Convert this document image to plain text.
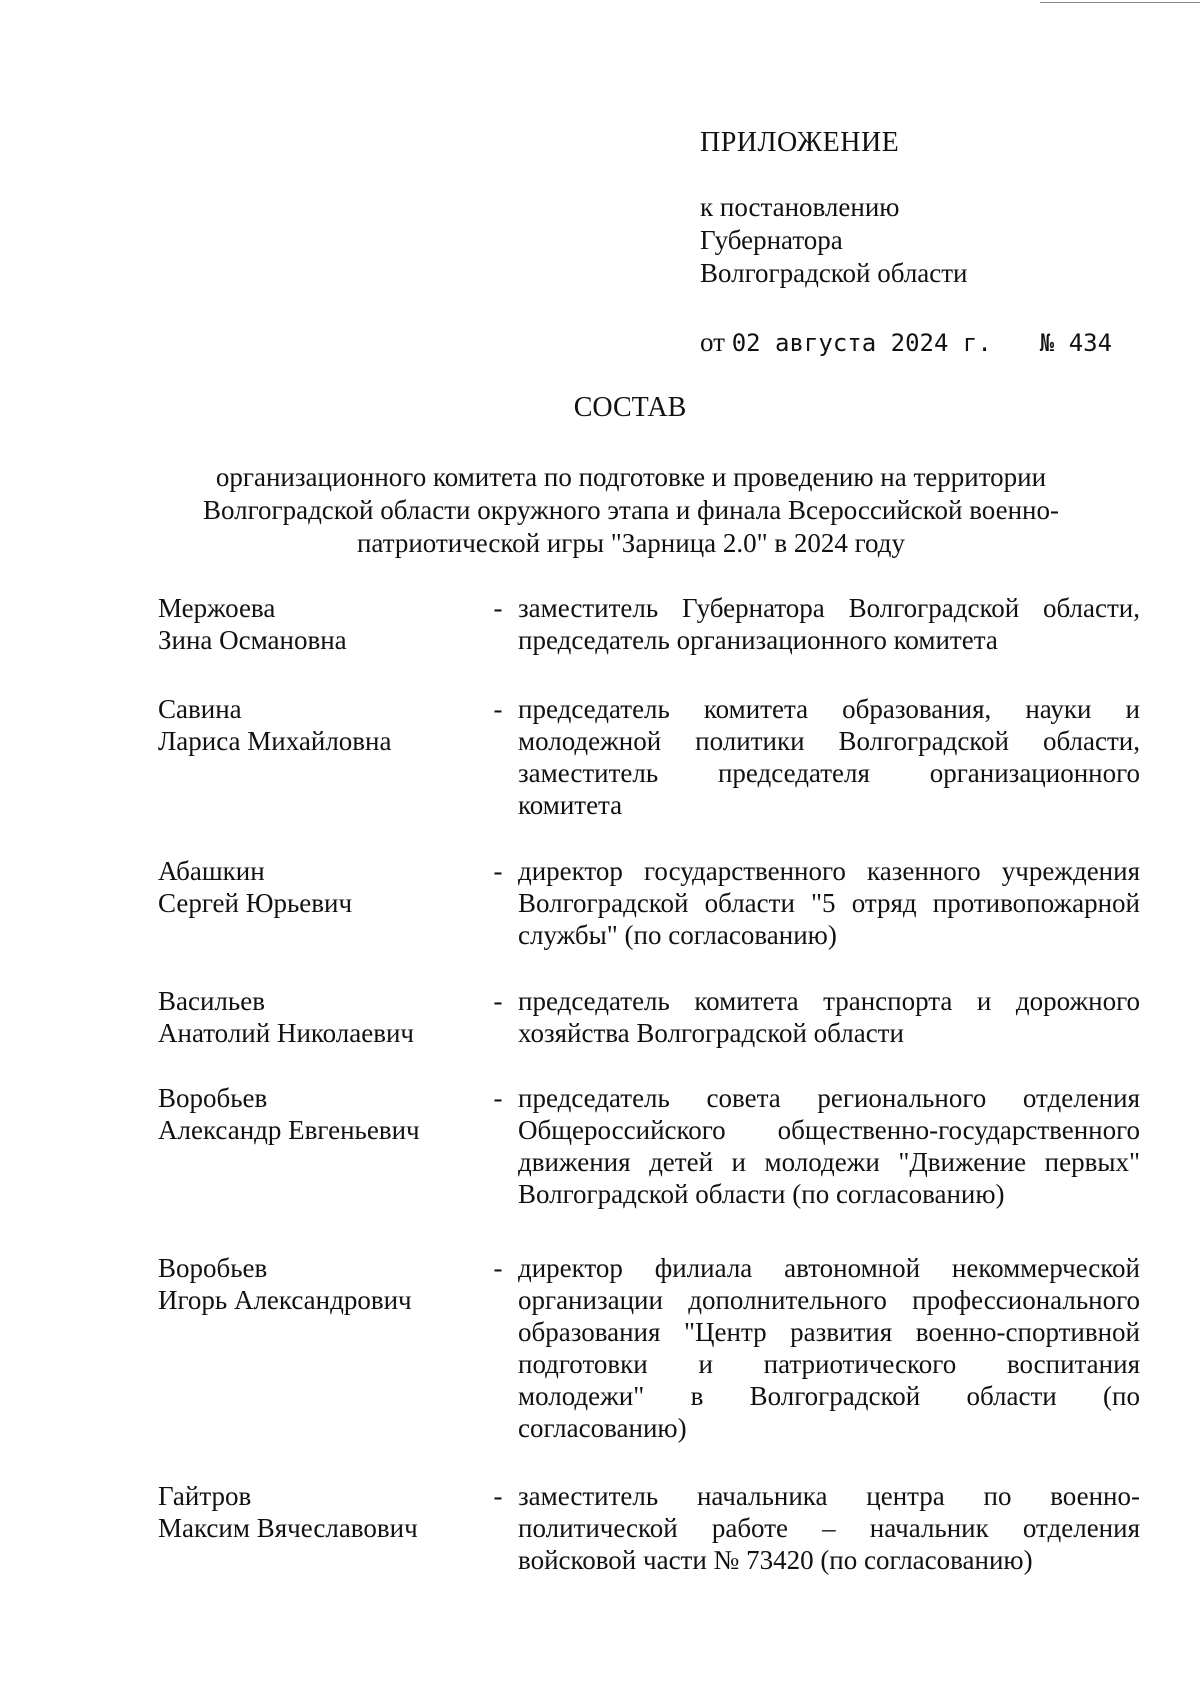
ПРИЛОЖЕНИЕ
к постановлению
Губернатора
Волгоградской области
от 02 августа 2024 г. № 434
СОСТАВ
организационного комитета по подготовке и проведению на территории
Волгоградской области окружного этапа и финала Всероссийской военно-
патриотической игры "Зарница 2.0" в 2024 году
Мержоева
Зина Османовна
- заместитель Губернатора Волгоградской области, председатель организационного комитета
Савина
Лариса Михайловна
- председатель комитета образования, науки и молодежной политики Волгоградской области, заместитель председателя организационного комитета
Абашкин
Сергей Юрьевич
- директор государственного казенного учреждения Волгоградской области "5 отряд противопожарной службы" (по согласованию)
Васильев
Анатолий Николаевич
- председатель комитета транспорта и дорожного хозяйства Волгоградской области
Воробьев
Александр Евгеньевич
- председатель совета регионального отделения Общероссийского общественно-государственного движения детей и молодежи "Движение первых" Волгоградской области (по согласованию)
Воробьев
Игорь Александрович
- директор филиала автономной некоммерческой организации дополнительного профессионального образования "Центр развития военно-спортивной подготовки и патриотического воспитания молодежи" в Волгоградской области (по согласованию)
Гайтров
Максим Вячеславович
- заместитель начальника центра по военно-политической работе – начальник отделения войсковой части № 73420 (по согласованию)
